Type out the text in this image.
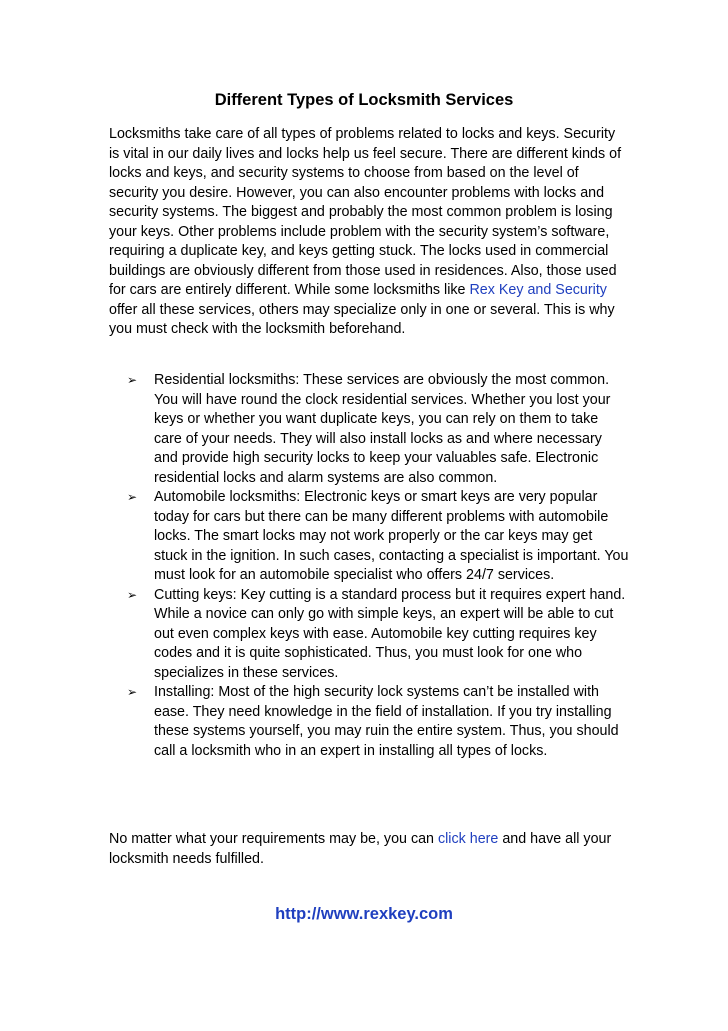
Different Types of Locksmith Services
Locksmiths take care of all types of problems related to locks and keys. Security is vital in our daily lives and locks help us feel secure. There are different kinds of locks and keys, and security systems to choose from based on the level of security you desire. However, you can also encounter problems with locks and security systems. The biggest and probably the most common problem is losing your keys. Other problems include problem with the security system’s software, requiring a duplicate key, and keys getting stuck. The locks used in commercial buildings are obviously different from those used in residences. Also, those used for cars are entirely different. While some locksmiths like Rex Key and Security offer all these services, others may specialize only in one or several. This is why you must check with the locksmith beforehand.
➢ Residential locksmiths: These services are obviously the most common. You will have round the clock residential services. Whether you lost your keys or whether you want duplicate keys, you can rely on them to take care of your needs. They will also install locks as and where necessary and provide high security locks to keep your valuables safe. Electronic residential locks and alarm systems are also common.
➢ Automobile locksmiths: Electronic keys or smart keys are very popular today for cars but there can be many different problems with automobile locks. The smart locks may not work properly or the car keys may get stuck in the ignition. In such cases, contacting a specialist is important. You must look for an automobile specialist who offers 24/7 services.
➢ Cutting keys: Key cutting is a standard process but it requires expert hand. While a novice can only go with simple keys, an expert will be able to cut out even complex keys with ease. Automobile key cutting requires key codes and it is quite sophisticated. Thus, you must look for one who specializes in these services.
➢ Installing: Most of the high security lock systems can’t be installed with ease. They need knowledge in the field of installation. If you try installing these systems yourself, you may ruin the entire system. Thus, you should call a locksmith who in an expert in installing all types of locks.
No matter what your requirements may be, you can click here and have all your locksmith needs fulfilled.
http://www.rexkey.com
